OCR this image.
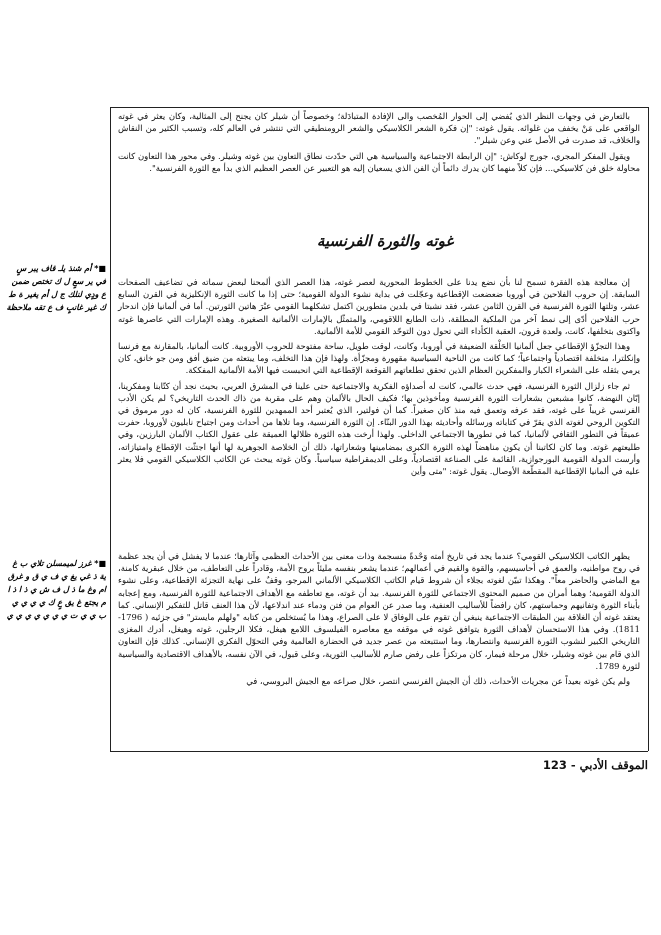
بالتعارض في وجهات النظر الذي يُفضي إلى الحوار المُخصب والى الإفادة المتبادَلة؛ وخصوصاً أن شيلر كان يجنح إلى المثالية، وكان يعثر في غوته الواقعي على مَنْ يخفف من غلوائه. يقول غوته: "إن فكرة الشعر الكلاسيكي والشعر الرومنطيقي التي تنتشر في العالم كله، وتسبب الكثير من النقاش والخلاف، قد صدرت في الأصل عني وعن شيلر".

ويقول المفكر المجري، جورج لوكاش: "إن الرابطة الاجتماعية والسياسية هي التي حدّدت نطاق التعاون بين غوته وشيلر. وفي محور هذا التعاون كانت محاولة خلق فن كلاسيكي... فإن كلاً منهما كان يدرك دائماً أن الفن الذي يسعيان إليه هو التعبير عن العصر العظيم الذي بدأ مع الثورة الفرنسية".

غوته والثورة الفرنسية

إن معالجة هذه الفقرة تسمح لنا بأن نضع يدنا على الخطوط المحورية لعصر غوته، هذا العصر الذي ألمحنا لبعض سماته في تضاعيف الصفحات السابقة. إن حروب الفلاحين في أوروبا ضعضعت الإقطاعية وعجّلت في بداية نشوء الدولة القومية؛ حتى إذا ما كانت الثورة الإنكليزية في القرن السابع عشر، وتلتها الثورة الفرنسية في القرن الثامن عشر، فقد نشبتا في بلدين متطورين اكتمل تشكلهما القومي عبْرَ هاتين الثورتين. أما في ألمانيا فإن اندحار حرب الفلاحين أدّى إلى نمط آخر من الملكية المطلقة، ذات الطابع اللاقومي، والمتمثّل بالإمارات الألمانية الصغيرة. وهذه الإمارات التي عاصرها غوته واكتوى بتخلفها، كانت، ولعدة قرون، العقبة الكأداء التي تحول دون التوحّد القومي للأمة الألمانية.

وهذا التجزّؤ الإقطاعي جعل ألمانيا الحَلْقة الضعيفة في أوروبا، وكانت، لوقت طويل، ساحة مفتوحة للحروب الأوروبية. كانت ألمانيا، بالمقارنة مع فرنسا وإنكلترا، متخلفة اقتصادياً واجتماعياً؛ كما كانت من الناحية السياسية مقهورة ومجزّأة. ولهذا فإن هذا التخلف، وما يبتعثه من ضيق أفق ومن جو خانق، كان يرمي بثقله على الشعراء الكبار والمفكرين العظام الذين تحقق تطلعاتهم القوقعة الإقطاعية التي انحبست فيها الأمة الألمانية المفككة.

ثم جاء زلزال الثورة الفرنسية، فهي حدث عالمي، كانت له أصداؤه الفكرية والاجتماعية حتى علينا في المشرق العربي، بحيث نجد أن كتّابنا ومفكرينا، إبّان النهضة، كانوا مشبعين بشعارات الثورة الفرنسية ومأخوذين بها؛ فكيف الحال بالألمان وهم على مقربة من ذاك الحدث التاريخي؟ لم يكن الأدب الفرنسي غريباً على غوته، فقد عرفه وتعمق فيه منذ كان صغيراً. كما أن فولتير، الذي يُعتبر أحد الممهدين للثورة الفرنسية، كان له دور مرموق في التكوين الروحي لغوته الذي يقرّ في كتاباته ورسائله وأحاديثه بهذا الدور البنّاء. إن الثورة الفرنسية، وما تلاها من أحداث ومن اجتياح نابليون لأوروبا، حفرت عميقاً في التطور الثقافي لألمانيا، كما في تطورها الاجتماعي الداخلي. ولهذا أرخت هذه الثورة ظلالها العميقة على عقول الكتاب الألمان البارزين، وفي طليعتهم غوته. وما كان لكاتبنا أن يكون مناهضاً لهذه الثورة الكبرى بمضامينها وشعاراتها، ذلك أن الخلاصة الجوهرية لها أنها اجتثّت الإقطاع وامتيازاته، وأرست الدولة القومية البورجوازية، القائمة على الصناعة اقتصادياً، وعلى الديمقراطية سياسياً. وكان غوته يبحث عن الكاتب الكلاسيكي القومي فلا يعثر عليه في ألمانيا الإقطاعية المقطّعة الأوصال. يقول غوته: "متى وأين

يظهر الكاتب الكلاسيكي القومي؟ عندما يجد في تاريخ أمته وَحْدةً منسجمة وذات معنى بين الأحداث العظمى وآثارها؛ عندما لا يفشل في أن يجد عظمة في روح مواطنيه، والعمق في أحاسيسهم، والقوة والقيم في أعمالهم؛ عندما يشعر بنفسه مليئاً بروح الأمة، وقادراً على التعاطف، من خلال عبقرية كامنة، مع الماضي والحاضر معاً". وهكذا تبيّن لغوته بجلاء أن شروط قيام الكاتب الكلاسيكي الألماني المرجو، وقفٌ على نهاية التجزئة الإقطاعية، وعلى نشوء الدولة القومية؛ وهما أمران من صميم المحتوى الاجتماعي للثورة الفرنسية. بيد أن غوته، مع تعاطفه مع الأهداف الاجتماعية للثورة الفرنسية، ومع إعجابه بأبناء الثورة وتفانيهم وحماستهم، كان رافضاً للأساليب العنفية، وما صدر عن العوام من فتن ودماء عند اندلاعها، لأن هذا العنف قاتل للتفكير الإنساني. كما يعتقد غوته أن الغلاقة بين الطبقات الاجتماعية ينبغي أن تقوم على الوفاق لا على الصراع، وهذا ما يُستخلص من كتابه "ولهلم مايستر" في جزئيه ( 1796- 1811). وفي هذا الاستحسان لأهداف الثورة يتوافق غوته في موقفه مع معاصره الفيلسوف اللامع هيغل، فكلا الرجلين، غوته وهيغل، أدرك المغزى التاريخي الكبير لنشوب الثورة الفرنسية وانتصارها، وما استتبعته من عصر جديد في الحضارة العالمية وفي التحوّل الفكري الإنساني. كذلك فإن التعاون الذي قام بين غوته وشيلر، خلال مرحلة فيمار، كان مرتكزاً على رفض صارم للأساليب الثورية، وعلى قبول، في الآن نفسه، بالأهداف الاقتصادية والسياسية لثورة 1789.

ولم يكن غوته بعيداً عن مجريات الأحداث، ذلك أن الجيش الفرنسي انتصر، خلال صراعه مع الجيش البروسي، في

■* أم شنذ يلـ قاف يبر سٍ في ير سعٍ ل ك تختص ضمن ع ودٍي لنلك ج ل أم يغير ة ط ك غير غانبٍ ف ع تقه ملاحظة
■* غرز لميمسلن تلاي ب غ ية ذ غي يغ ي ف ي ق و غرق ام وغ ما ذ ل ف ش ي ذ ا ذ ا م يجتع غ يق عٍ ك ي ي ي ي ب ي ي ت ي ي ي ي ي ي ي
الموقف الأدبي - 123
